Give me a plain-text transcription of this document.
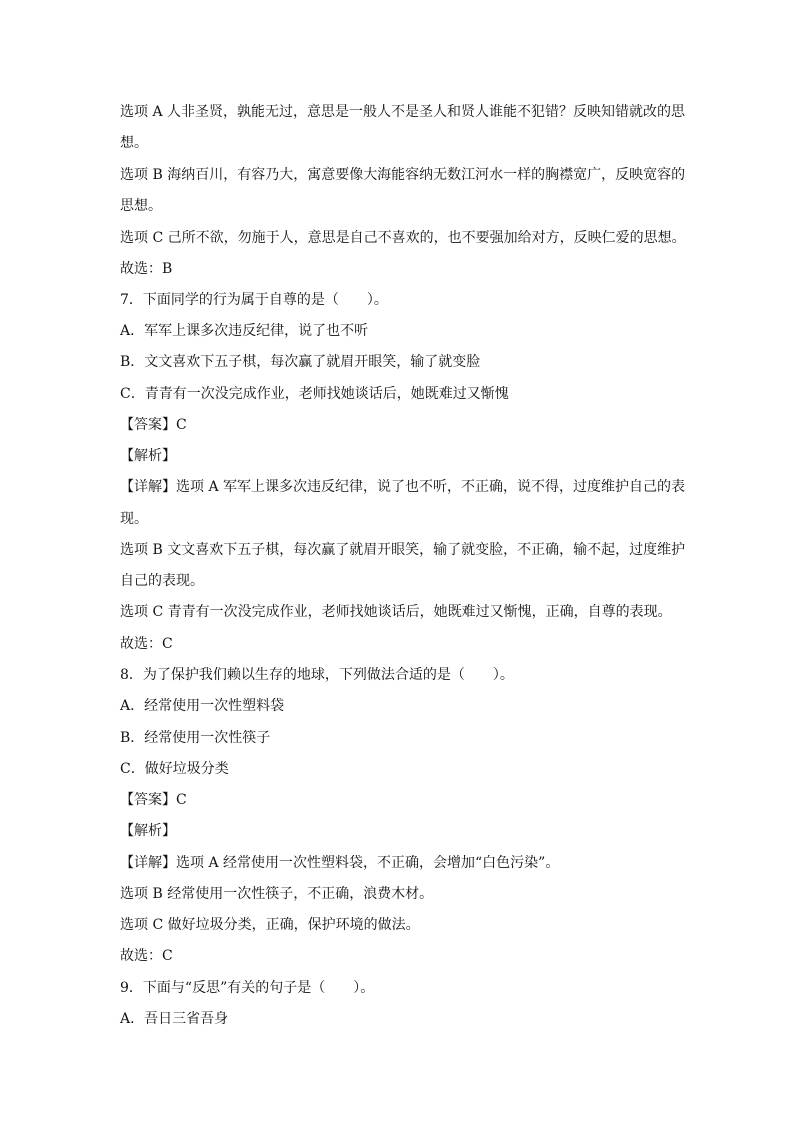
选项 A 人非圣贤，孰能无过，意思是一般人不是圣人和贤人谁能不犯错？反映知错就改的思
想。
选项 B 海纳百川，有容乃大，寓意要像大海能容纳无数江河水一样的胸襟宽广，反映宽容的
思想。
选项 C 己所不欲，勿施于人，意思是自己不喜欢的，也不要强加给对方，反映仁爱的思想。
故选：B
7．下面同学的行为属于自尊的是（　　）。
A．军军上课多次违反纪律，说了也不听
B．文文喜欢下五子棋，每次赢了就眉开眼笑，输了就变脸
C．青青有一次没完成作业，老师找她谈话后，她既难过又惭愧
【答案】C
【解析】
【详解】选项 A 军军上课多次违反纪律，说了也不听，不正确，说不得，过度维护自己的表
现。
选项 B 文文喜欢下五子棋，每次赢了就眉开眼笑，输了就变脸，不正确，输不起，过度维护
自己的表现。
选项 C 青青有一次没完成作业，老师找她谈话后，她既难过又惭愧，正确，自尊的表现。
故选：C
8．为了保护我们赖以生存的地球，下列做法合适的是（　　）。
A．经常使用一次性塑料袋
B．经常使用一次性筷子
C．做好垃圾分类
【答案】C
【解析】
【详解】选项 A 经常使用一次性塑料袋，不正确，会增加“白色污染”。
选项 B 经常使用一次性筷子，不正确，浪费木材。
选项 C 做好垃圾分类，正确，保护环境的做法。
故选：C
9．下面与“反思”有关的句子是（　　）。
A．吾日三省吾身
